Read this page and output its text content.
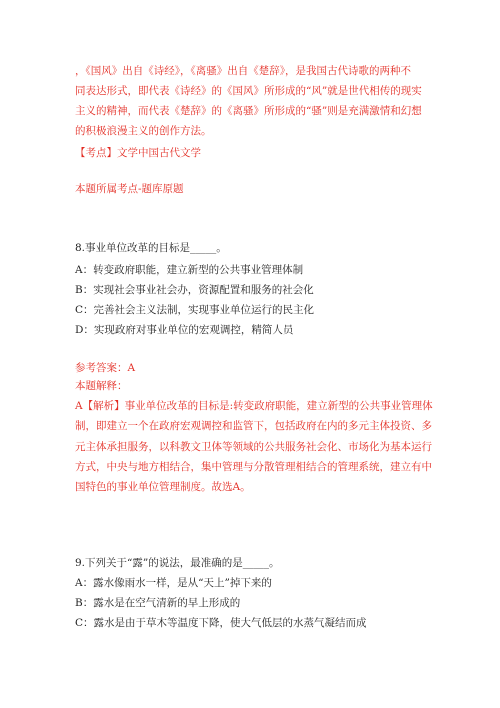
，《国风》出自《诗经》，《离骚》出自《楚辞》，是我国古代诗歌的两种不
同表达形式，即代表《诗经》的《国风》所形成的“风”就是世代相传的现实
主义的精神，而代表《楚辞》的《离骚》所形成的“骚”则是充满激情和幻想
的积极浪漫主义的创作方法。
【考点】文学中国古代文学
本题所属考点-题库原题
8.事业单位改革的目标是_____。
A：转变政府职能，建立新型的公共事业管理体制
B：实现社会事业社会办，资源配置和服务的社会化
C：完善社会主义法制，实现事业单位运行的民主化
D：实现政府对事业单位的宏观调控，精简人员
参考答案：A
本题解释：
A【解析】事业单位改革的目标是:转变政府职能，建立新型的公共事业管理体
制，即建立一个在政府宏观调控和监管下，包括政府在内的多元主体投资、多
元主体承担服务，以科教文卫体等领域的公共服务社会化、市场化为基本运行
方式，中央与地方相结合，集中管理与分散管理相结合的管理系统，建立有中
国特色的事业单位管理制度。故选A。
9.下列关于“露”的说法，最准确的是_____。
A：露水像雨水一样，是从“天上”掉下来的
B：露水是在空气清新的早上形成的
C：露水是由于草木等温度下降，使大气低层的水蒸气凝结而成
